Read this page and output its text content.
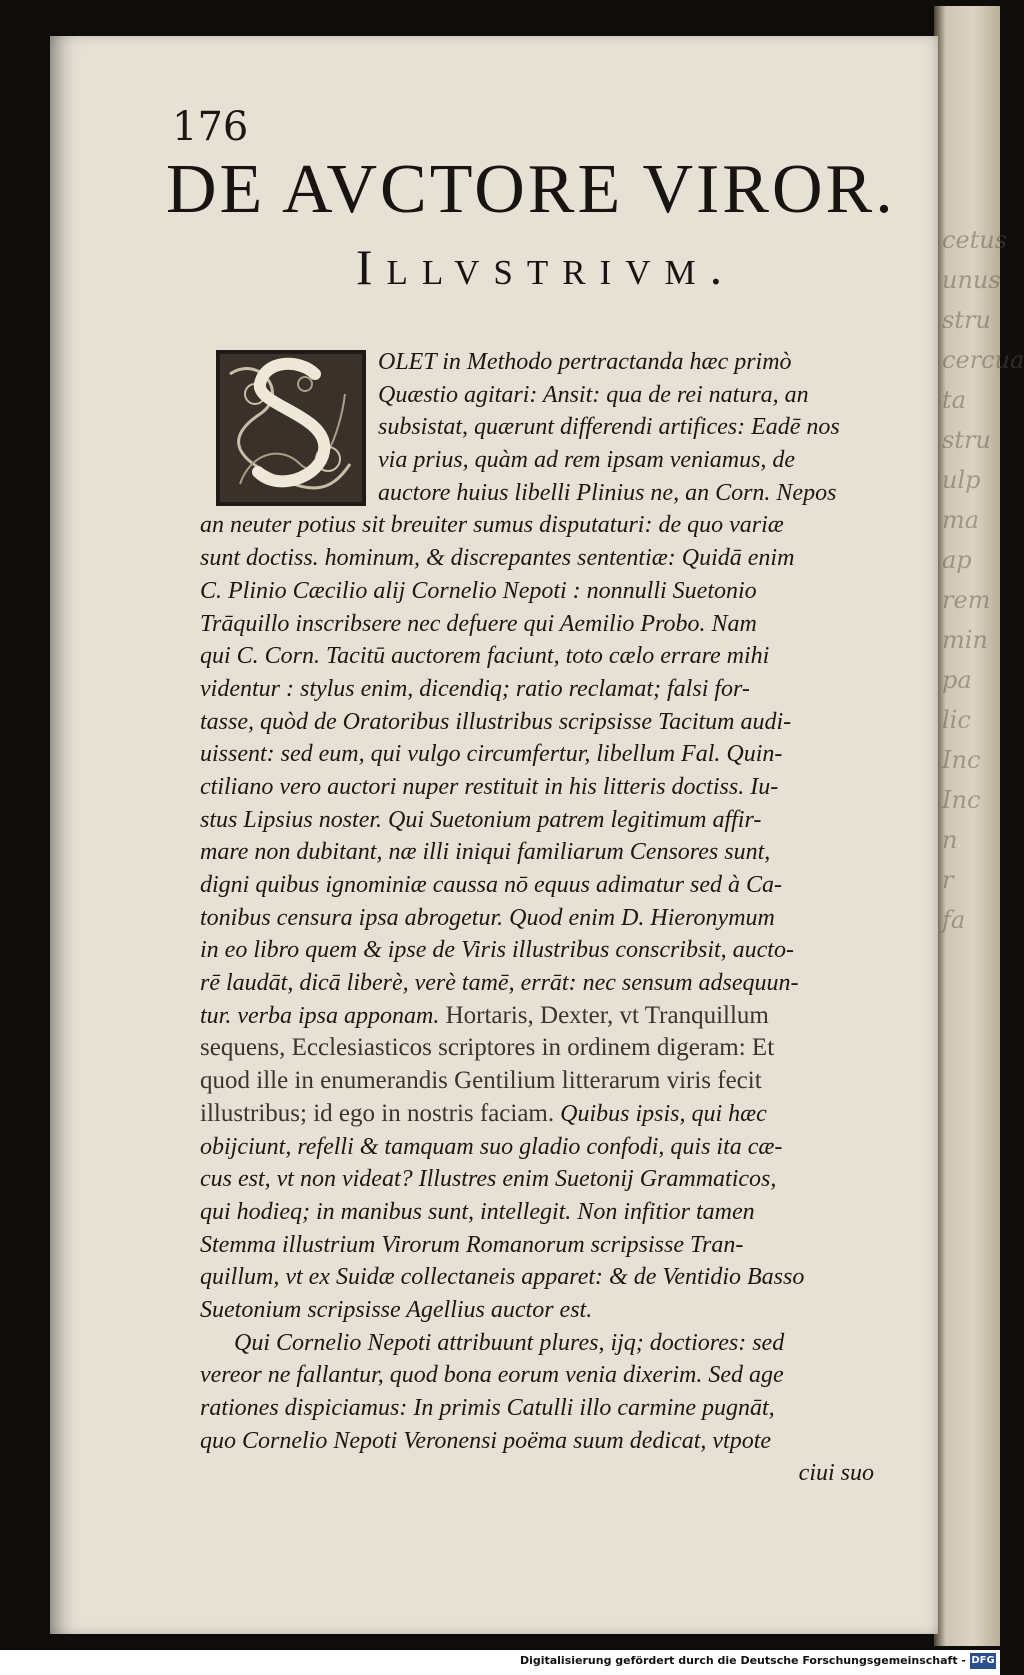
cetus
unus
stru
cercua
ta
stru
ulp
ma
ap
rem
min
pa
lic
Inc
Inc
n
r
fa
176
DE AVCTORE VIROR.
Illvstrivm.
OLET in Methodo pertractanda hæc primò
Quæstio agitari: Ansit: qua de rei natura, an
subsistat, quærunt differendi artifices: Eadē nos
via prius, quàm ad rem ipsam veniamus, de
auctore huius libelli Plinius ne, an Corn. Nepos
an neuter potius sit breuiter sumus disputaturi: de quo variæ
sunt doctiss. hominum, & discrepantes sententiæ: Quidā enim
C. Plinio Cæcilio alij Cornelio Nepoti : nonnulli Suetonio
Trāquillo inscribsere nec defuere qui Aemilio Probo. Nam
qui C. Corn. Tacitū auctorem faciunt, toto cælo errare mihi
videntur : stylus enim, dicendiq; ratio reclamat; falsi for-
tasse, quòd de Oratoribus illustribus scripsisse Tacitum audi-
uissent: sed eum, qui vulgo circumfertur, libellum Fal. Quin-
ctiliano vero auctori nuper restituit in his litteris doctiss. Iu-
stus Lipsius noster. Qui Suetonium patrem legitimum affir-
mare non dubitant, næ illi iniqui familiarum Censores sunt,
digni quibus ignominiæ caussa nō equus adimatur sed à Ca-
tonibus censura ipsa abrogetur. Quod enim D. Hieronymum
in eo libro quem & ipse de Viris illustribus conscribsit, aucto-
rē laudāt, dicā liberè, verè tamē, errāt: nec sensum adsequun-
tur. verba ipsa apponam. Hortaris, Dexter, vt Tranquillum
sequens, Ecclesiasticos scriptores in ordinem digeram: Et
quod ille in enumerandis Gentilium litterarum viris fecit
illustribus; id ego in nostris faciam. Quibus ipsis, qui hæc
obijciunt, refelli & tamquam suo gladio confodi, quis ita cæ-
cus est, vt non videat? Illustres enim Suetonij Grammaticos,
qui hodieq; in manibus sunt, intellegit. Non infitior tamen
Stemma illustrium Virorum Romanorum scripsisse Tran-
quillum, vt ex Suidæ collectaneis apparet: & de Ventidio Basso
Suetonium scripsisse Agellius auctor est.
Qui Cornelio Nepoti attribuunt plures, ijq; doctiores: sed
vereor ne fallantur, quod bona eorum venia dixerim. Sed age
rationes dispiciamus: In primis Catulli illo carmine pugnāt,
quo Cornelio Nepoti Veronensi poëma suum dedicat, vtpote
ciui suo
Digitalisierung gefördert durch die Deutsche Forschungsgemeinschaft - DFG
